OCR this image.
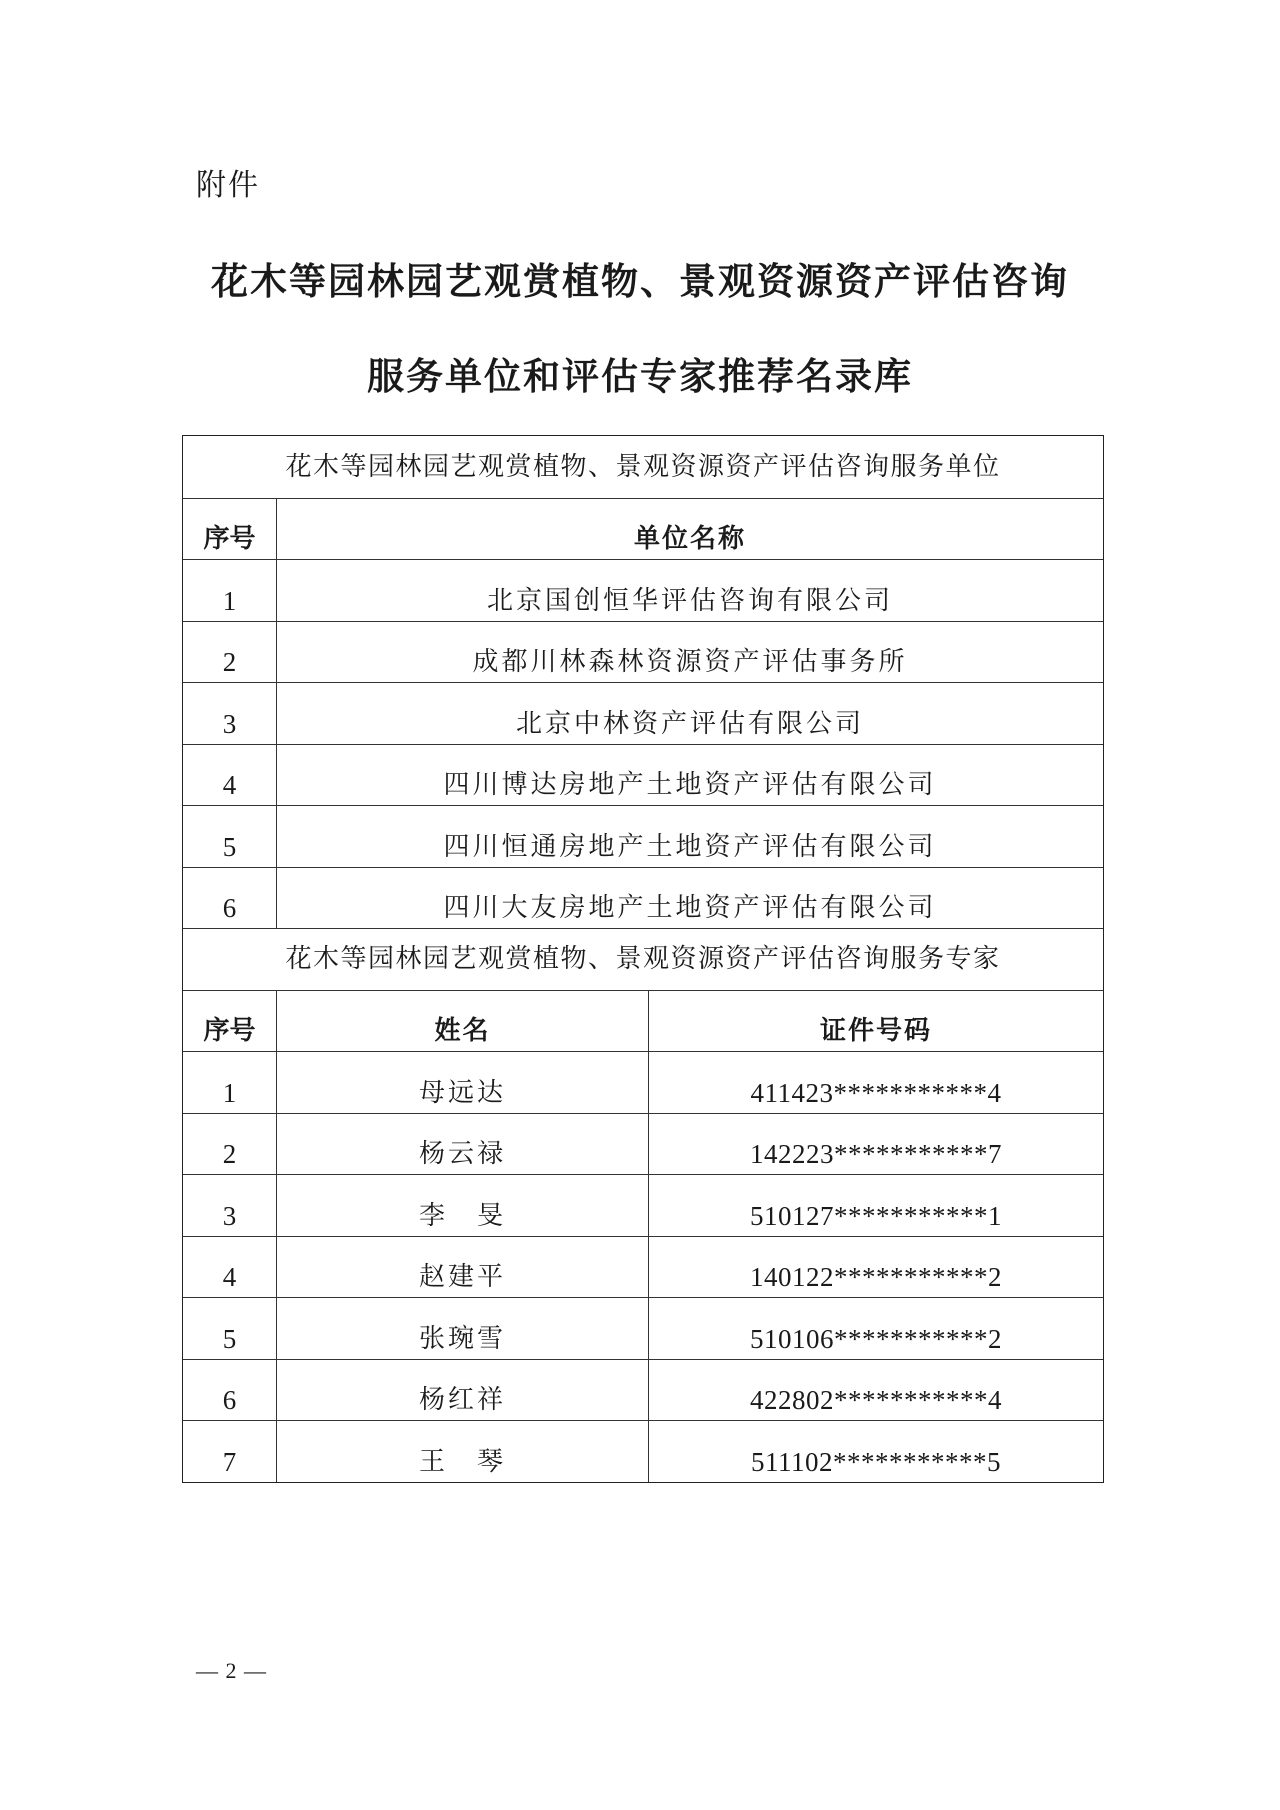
附件
花木等园林园艺观赏植物、景观资源资产评估咨询
服务单位和评估专家推荐名录库
花木等园林园艺观赏植物、景观资源资产评估咨询服务单位
序号	单位名称
1	北京国创恒华评估咨询有限公司
2	成都川林森林资源资产评估事务所
3	北京中林资产评估有限公司
4	四川博达房地产土地资产评估有限公司
5	四川恒通房地产土地资产评估有限公司
6	四川大友房地产土地资产评估有限公司
花木等园林园艺观赏植物、景观资源资产评估咨询服务专家
序号	姓名	证件号码
1	母远达	411423***********4
2	杨云禄	142223***********7
3	李　旻	510127***********1
4	赵建平	140122***********2
5	张琬雪	510106***********2
6	杨红祥	422802***********4
7	王　琴	511102***********5
— 2 —
